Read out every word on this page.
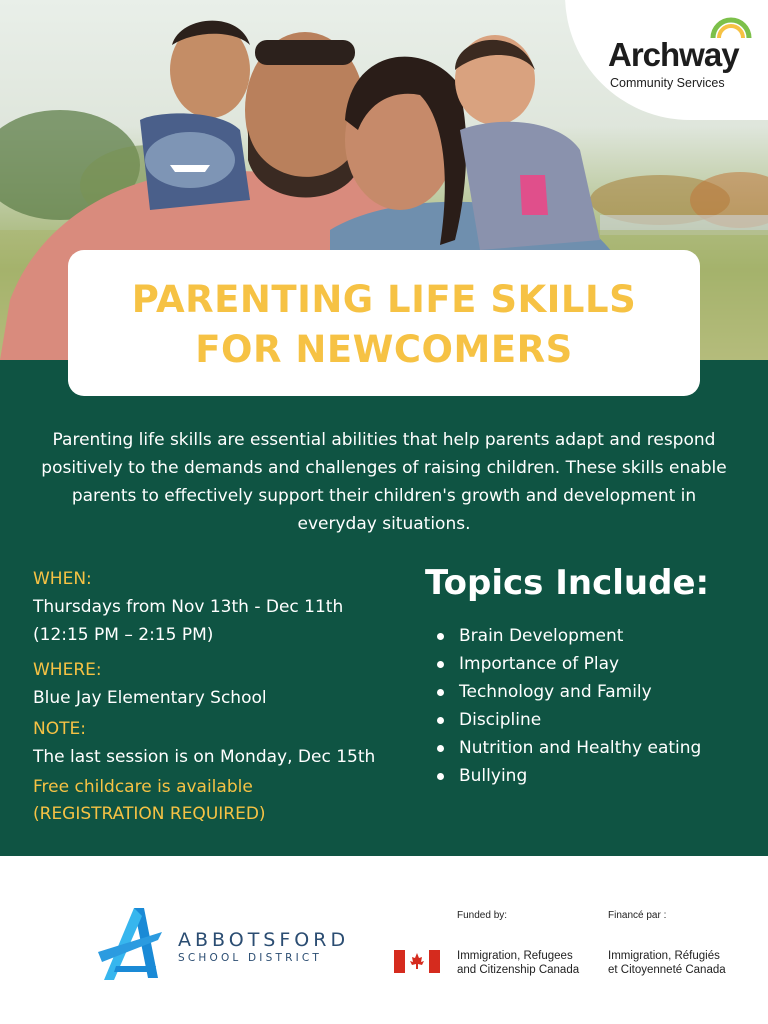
Archway
Community Services
PARENTING LIFE SKILLS
FOR NEWCOMERS

Parenting life skills are essential abilities that help parents adapt and respond positively to the demands and challenges of raising children. These skills enable parents to effectively support their children's growth and development in everyday situations.

WHEN:
Thursdays from Nov 13th - Dec 11th
(12:15 PM – 2:15 PM)
WHERE:
Blue Jay Elementary School
NOTE:
The last session is on Monday, Dec 15th
Free childcare is available
(REGISTRATION REQUIRED)
Topics Include:
Brain Development
Importance of Play
Technology and Family
Discipline
Nutrition and Healthy eating
Bullying
ABBOTSFORD
SCHOOL DISTRICT
Funded by:	Financé par :
Immigration, Refugees
and Citizenship Canada
Immigration, Réfugiés
et Citoyenneté Canada
